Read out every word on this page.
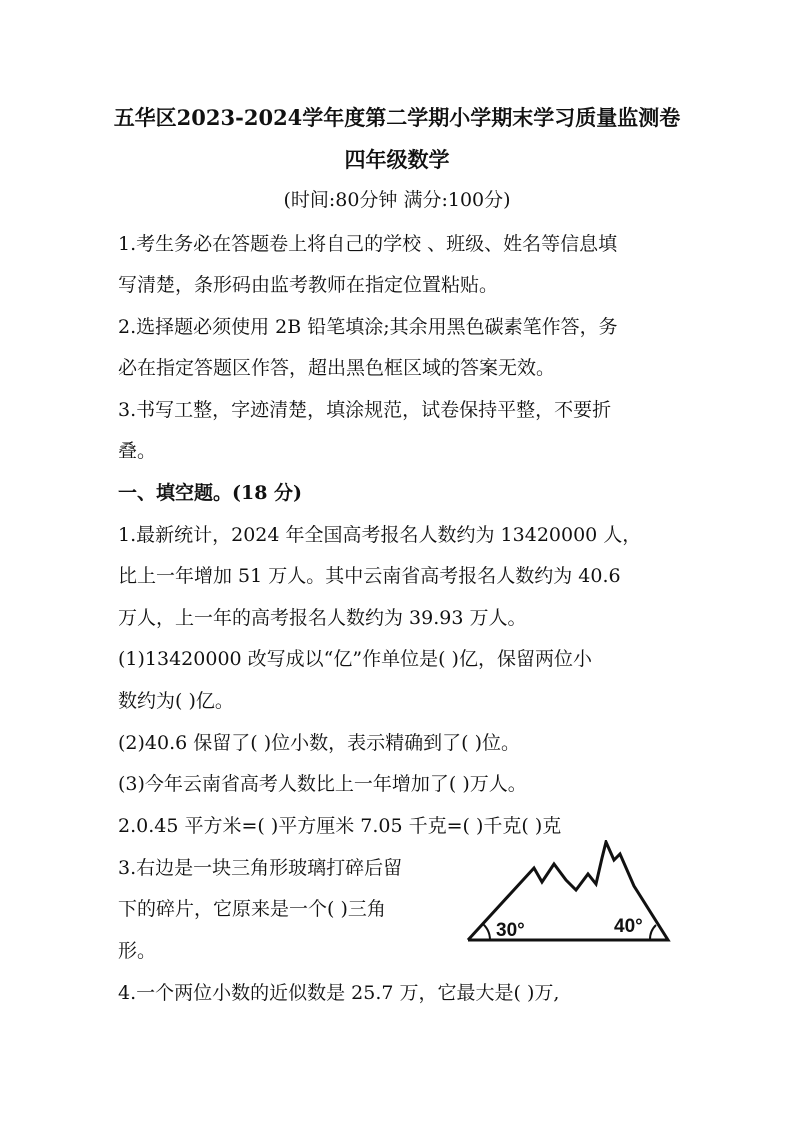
五华区2023-2024学年度第二学期小学期末学习质量监测卷
四年级数学
(时间:80分钟 满分:100分)
1.考生务必在答题卷上将自己的学校 、班级、姓名等信息填
写清楚，条形码由监考教师在指定位置粘贴。
2.选择题必须使用 2B 铅笔填涂;其余用黑色碳素笔作答，务
必在指定答题区作答，超出黑色框区域的答案无效。
3.书写工整，字迹清楚，填涂规范，试卷保持平整，不要折
叠。
一、填空题。(18 分)
1.最新统计，2024 年全国高考报名人数约为 13420000 人，
比上一年增加 51 万人。其中云南省高考报名人数约为 40.6
万人，上一年的高考报名人数约为 39.93 万人。
(1)13420000 改写成以“亿”作单位是( )亿，保留两位小
数约为( )亿。
(2)40.6 保留了( )位小数，表示精确到了( )位。
(3)今年云南省高考人数比上一年增加了( )万人。
2.0.45 平方米=( )平方厘米 7.05 千克=( )千克( )克
3.右边是一块三角形玻璃打碎后留
下的碎片，它原来是一个( )三角
形。
30°	40°
4.一个两位小数的近似数是 25.7 万，它最大是( )万,
